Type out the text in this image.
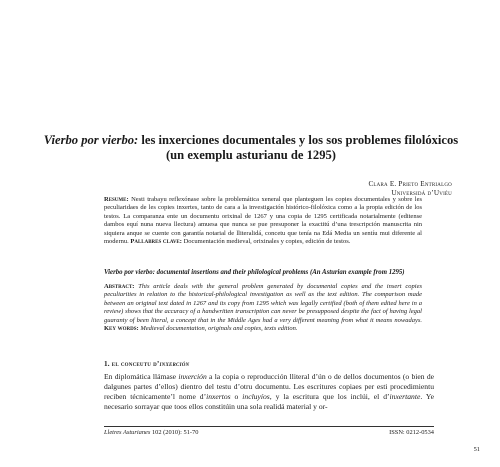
Vierbo por vierbo: les inxerciones documentales y los sos problemes filolóxicos (un exemplu asturianu de 1295)
Clara E. Prieto Entrialgo
Universidá d’Uviéu

Resume: Nesti trabayu reflexónase sobre la problemática xeneral que planteguen les copies documentales y sobre les peculiaridaes de les copies inxertes, tanto de cara a la investigación histórico-filolóxica como a la propia edición de los testos. La comparanza ente un documentu orixinal de 1267 y una copia de 1295 certificada notarialmente (editense dambos equí nuna nueva llectura) amuesa que nunca se pue presuponer la exactitú d’una trescripción manuscrita nin siquiera anque se cuente con garantía notarial de lliteralidá, concetu que tenía na Edá Media un sentíu mui diferente al modernu. Pallabres clave: Documentación medieval, orixinales y copies, edición de testos.

Vierbo por vierbo: documental insertions and their philological problems (An Asturian example from 1295)

Abstract: This article deals with the general problem generated by documental copies and the insert copies peculiarities in relation to the historical-philological investigation as well as the text edition. The comparison made between an original text dated in 1267 and its copy from 1295 which was legally certified (both of them edited here in a review) shows that the accuracy of a handwritten transcription can never be presupposed despite the fact of having legal guaranty of been literal, a concept that in the Middle Ages had a very different meaning from what it means nowadays. Key words: Medieval documentation, originals and copies, texts edition.

1. el conceutu d’inxerción

En diplomática llámase inxerción a la copia o reproducción lliteral d’ún o de dellos documentos (o bien de dalgunes partes d’ellos) dientro del testu d’otru documentu. Les escritures copiaes per esti procedimientu reciben técnicamente’l nome d’inxertos o incluyíos, y la escritura que los inclúi, el d’inxertante. Ye necesario sorrayar que toos ellos constitúin una sola realidá material y or-

Lletres Asturianes 102 (2010): 51-70	ISSN: 0212-0534
51
